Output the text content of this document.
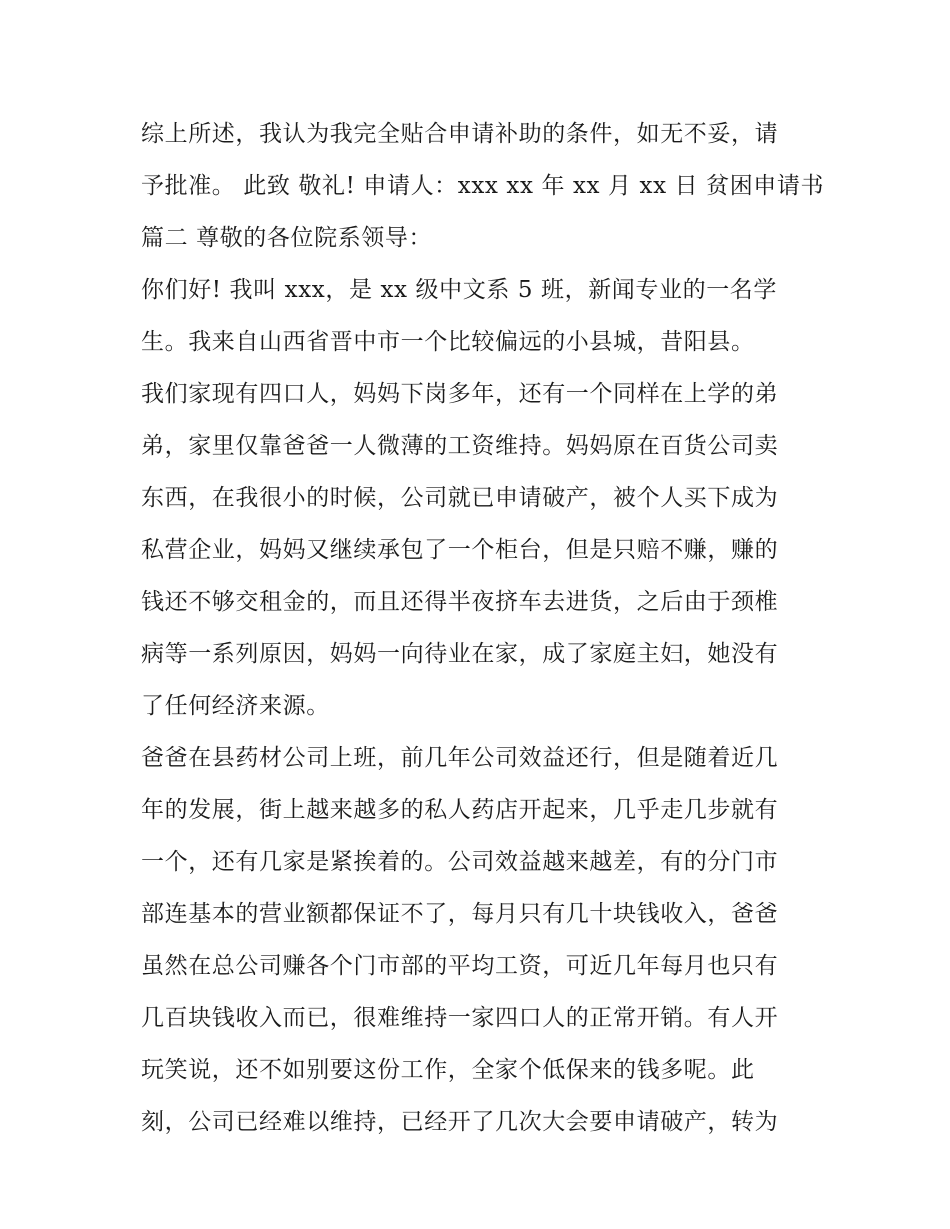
综上所述，我认为我完全贴合申请补助的条件，如无不妥，请
予批准。 此致 敬礼! 申请人：xxx xx 年 xx 月 xx 日 贫困申请书
篇二 尊敬的各位院系领导：
你们好! 我叫 xxx，是 xx 级中文系 5 班，新闻专业的一名学
生。我来自山西省晋中市一个比较偏远的小县城，昔阳县。
我们家现有四口人，妈妈下岗多年，还有一个同样在上学的弟
弟，家里仅靠爸爸一人微薄的工资维持。妈妈原在百货公司卖
东西，在我很小的时候，公司就已申请破产，被个人买下成为
私营企业，妈妈又继续承包了一个柜台，但是只赔不赚，赚的
钱还不够交租金的，而且还得半夜挤车去进货，之后由于颈椎
病等一系列原因，妈妈一向待业在家，成了家庭主妇，她没有
了任何经济来源。
爸爸在县药材公司上班，前几年公司效益还行，但是随着近几
年的发展，街上越来越多的私人药店开起来，几乎走几步就有
一个，还有几家是紧挨着的。公司效益越来越差，有的分门市
部连基本的营业额都保证不了，每月只有几十块钱收入，爸爸
虽然在总公司赚各个门市部的平均工资，可近几年每月也只有
几百块钱收入而已，很难维持一家四口人的正常开销。有人开
玩笑说，还不如别要这份工作，全家个低保来的钱多呢。此
刻，公司已经难以维持，已经开了几次大会要申请破产，转为
